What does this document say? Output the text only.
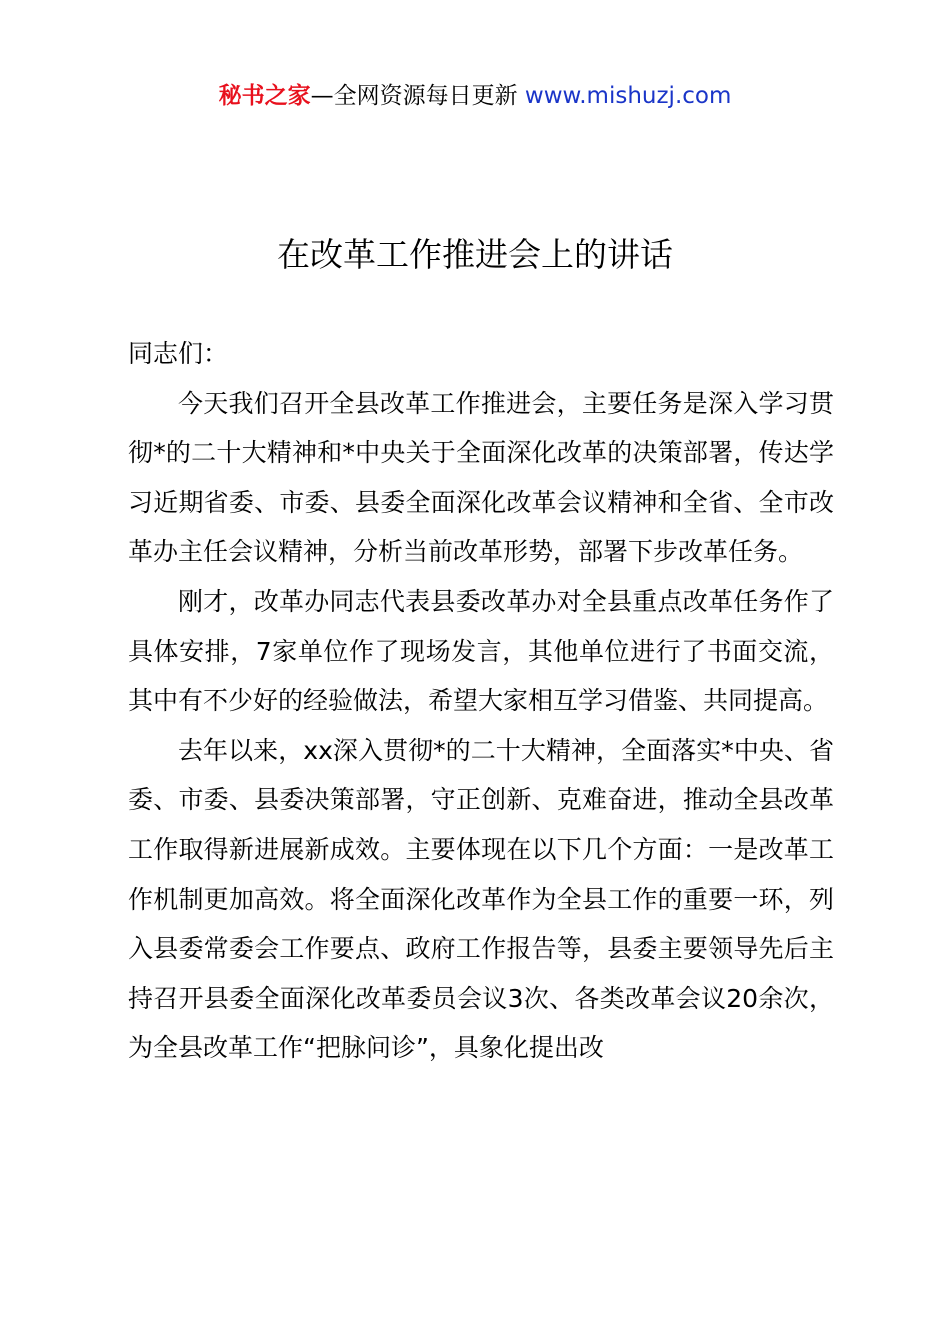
秘书之家—全网资源每日更新 www.mishuzj.com
在改革工作推进会上的讲话

同志们：

今天我们召开全县改革工作推进会，主要任务是深入学习贯彻*的二十大精神和*中央关于全面深化改革的决策部署，传达学习近期省委、市委、县委全面深化改革会议精神和全省、全市改革办主任会议精神，分析当前改革形势，部署下步改革任务。

刚才，改革办同志代表县委改革办对全县重点改革任务作了具体安排，7家单位作了现场发言，其他单位进行了书面交流，其中有不少好的经验做法，希望大家相互学习借鉴、共同提高。

去年以来，xx深入贯彻*的二十大精神，全面落实*中央、省委、市委、县委决策部署，守正创新、克难奋进，推动全县改革工作取得新进展新成效。主要体现在以下几个方面：一是改革工作机制更加高效。将全面深化改革作为全县工作的重要一环，列入县委常委会工作要点、政府工作报告等，县委主要领导先后主持召开县委全面深化改革委员会议3次、各类改革会议20余次，为全县改革工作“把脉问诊”，具象化提出改
